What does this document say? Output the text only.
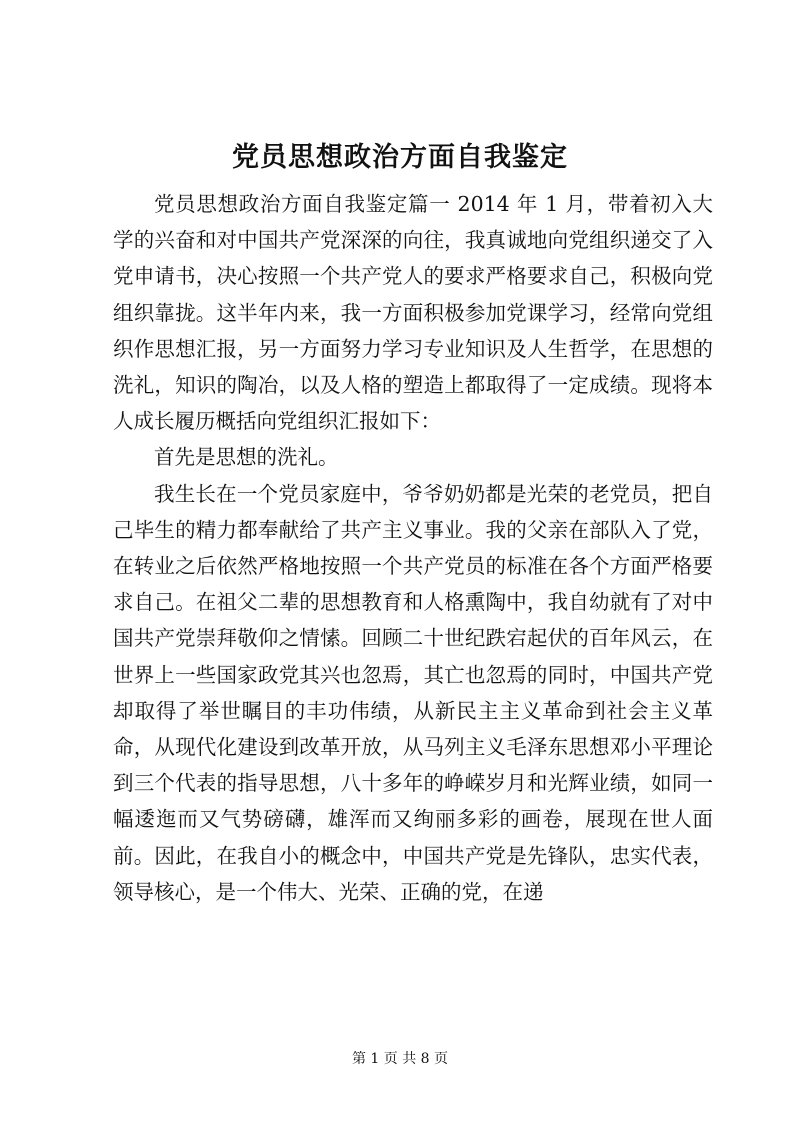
党员思想政治方面自我鉴定

党员思想政治方面自我鉴定篇一 2014 年 1 月，带着初入大学的兴奋和对中国共产党深深的向往，我真诚地向党组织递交了入党申请书，决心按照一个共产党人的要求严格要求自己，积极向党组织靠拢。这半年内来，我一方面积极参加党课学习，经常向党组织作思想汇报，另一方面努力学习专业知识及人生哲学，在思想的洗礼，知识的陶冶，以及人格的塑造上都取得了一定成绩。现将本人成长履历概括向党组织汇报如下：

首先是思想的洗礼。

我生长在一个党员家庭中，爷爷奶奶都是光荣的老党员，把自己毕生的精力都奉献给了共产主义事业。我的父亲在部队入了党，在转业之后依然严格地按照一个共产党员的标准在各个方面严格要求自己。在祖父二辈的思想教育和人格熏陶中，我自幼就有了对中国共产党崇拜敬仰之情愫。回顾二十世纪跌宕起伏的百年风云，在世界上一些国家政党其兴也忽焉，其亡也忽焉的同时，中国共产党却取得了举世瞩目的丰功伟绩，从新民主主义革命到社会主义革命，从现代化建设到改革开放，从马列主义毛泽东思想邓小平理论到三个代表的指导思想，八十多年的峥嵘岁月和光辉业绩，如同一幅逶迤而又气势磅礴，雄浑而又绚丽多彩的画卷，展现在世人面前。因此，在我自小的概念中，中国共产党是先锋队，忠实代表，领导核心，是一个伟大、光荣、正确的党，在递

第 1 页 共 8 页
